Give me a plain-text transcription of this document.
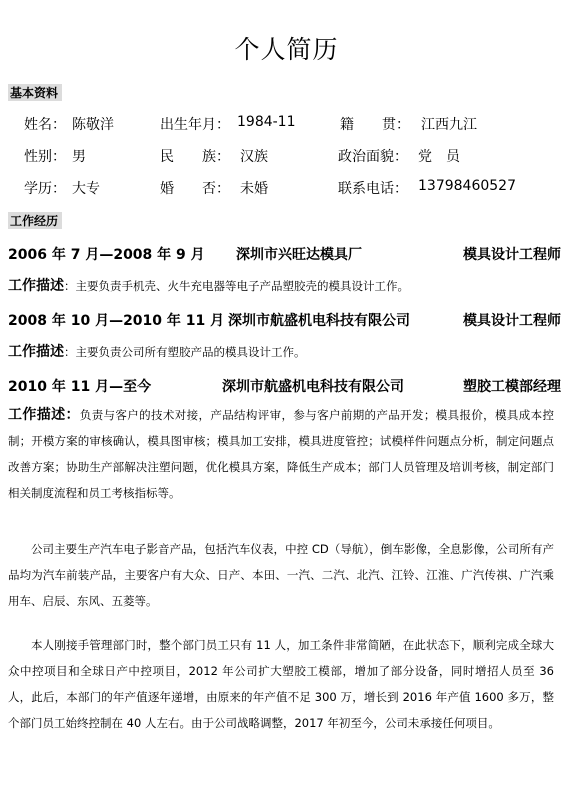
个人简历
基本资料
姓名： 陈敬洋	出生年月： 1984-11	籍　　贯： 江西九江
性别： 男	民　　族： 汉族	政治面貌： 党　员
学历： 大专	婚　　否： 未婚	联系电话： 13798460527
工作经历
2006 年 7 月—2008 年 9 月 深圳市兴旺达模具厂	模具设计工程师
工作描述：主要负责手机壳、火牛充电器等电子产品塑胶壳的模具设计工作。
2008 年 10 月—2010 年 11 月 深圳市航盛机电科技有限公司	模具设计工程师
工作描述：主要负责公司所有塑胶产品的模具设计工作。
2010 年 11 月—至今	深圳市航盛机电科技有限公司	塑胶工模部经理
工作描述：负责与客户的技术对接，产品结构评审，参与客户前期的产品开发；模具报价，模具成本控制；开模方案的审核确认，模具图审核；模具加工安排，模具进度管控；试模样件问题点分析，制定问题点改善方案；协助生产部解决注塑问题，优化模具方案，降低生产成本；部门人员管理及培训考核，制定部门相关制度流程和员工考核指标等。
公司主要生产汽车电子影音产品，包括汽车仪表，中控 CD（导航），倒车影像，全息影像，公司所有产品均为汽车前装产品，主要客户有大众、日产、本田、一汽、二汽、北汽、江铃、江淮、广汽传祺、广汽乘用车、启辰、东风、五菱等。
本人刚接手管理部门时，整个部门员工只有 11 人，加工条件非常简陋，在此状态下，顺利完成全球大众中控项目和全球日产中控项目，2012 年公司扩大塑胶工模部，增加了部分设备，同时增招人员至 36 人，此后，本部门的年产值逐年递增，由原来的年产值不足 300 万，增长到 2016 年产值 1600 多万，整个部门员工始终控制在 40 人左右。由于公司战略调整，2017 年初至今，公司未承接任何项目。
